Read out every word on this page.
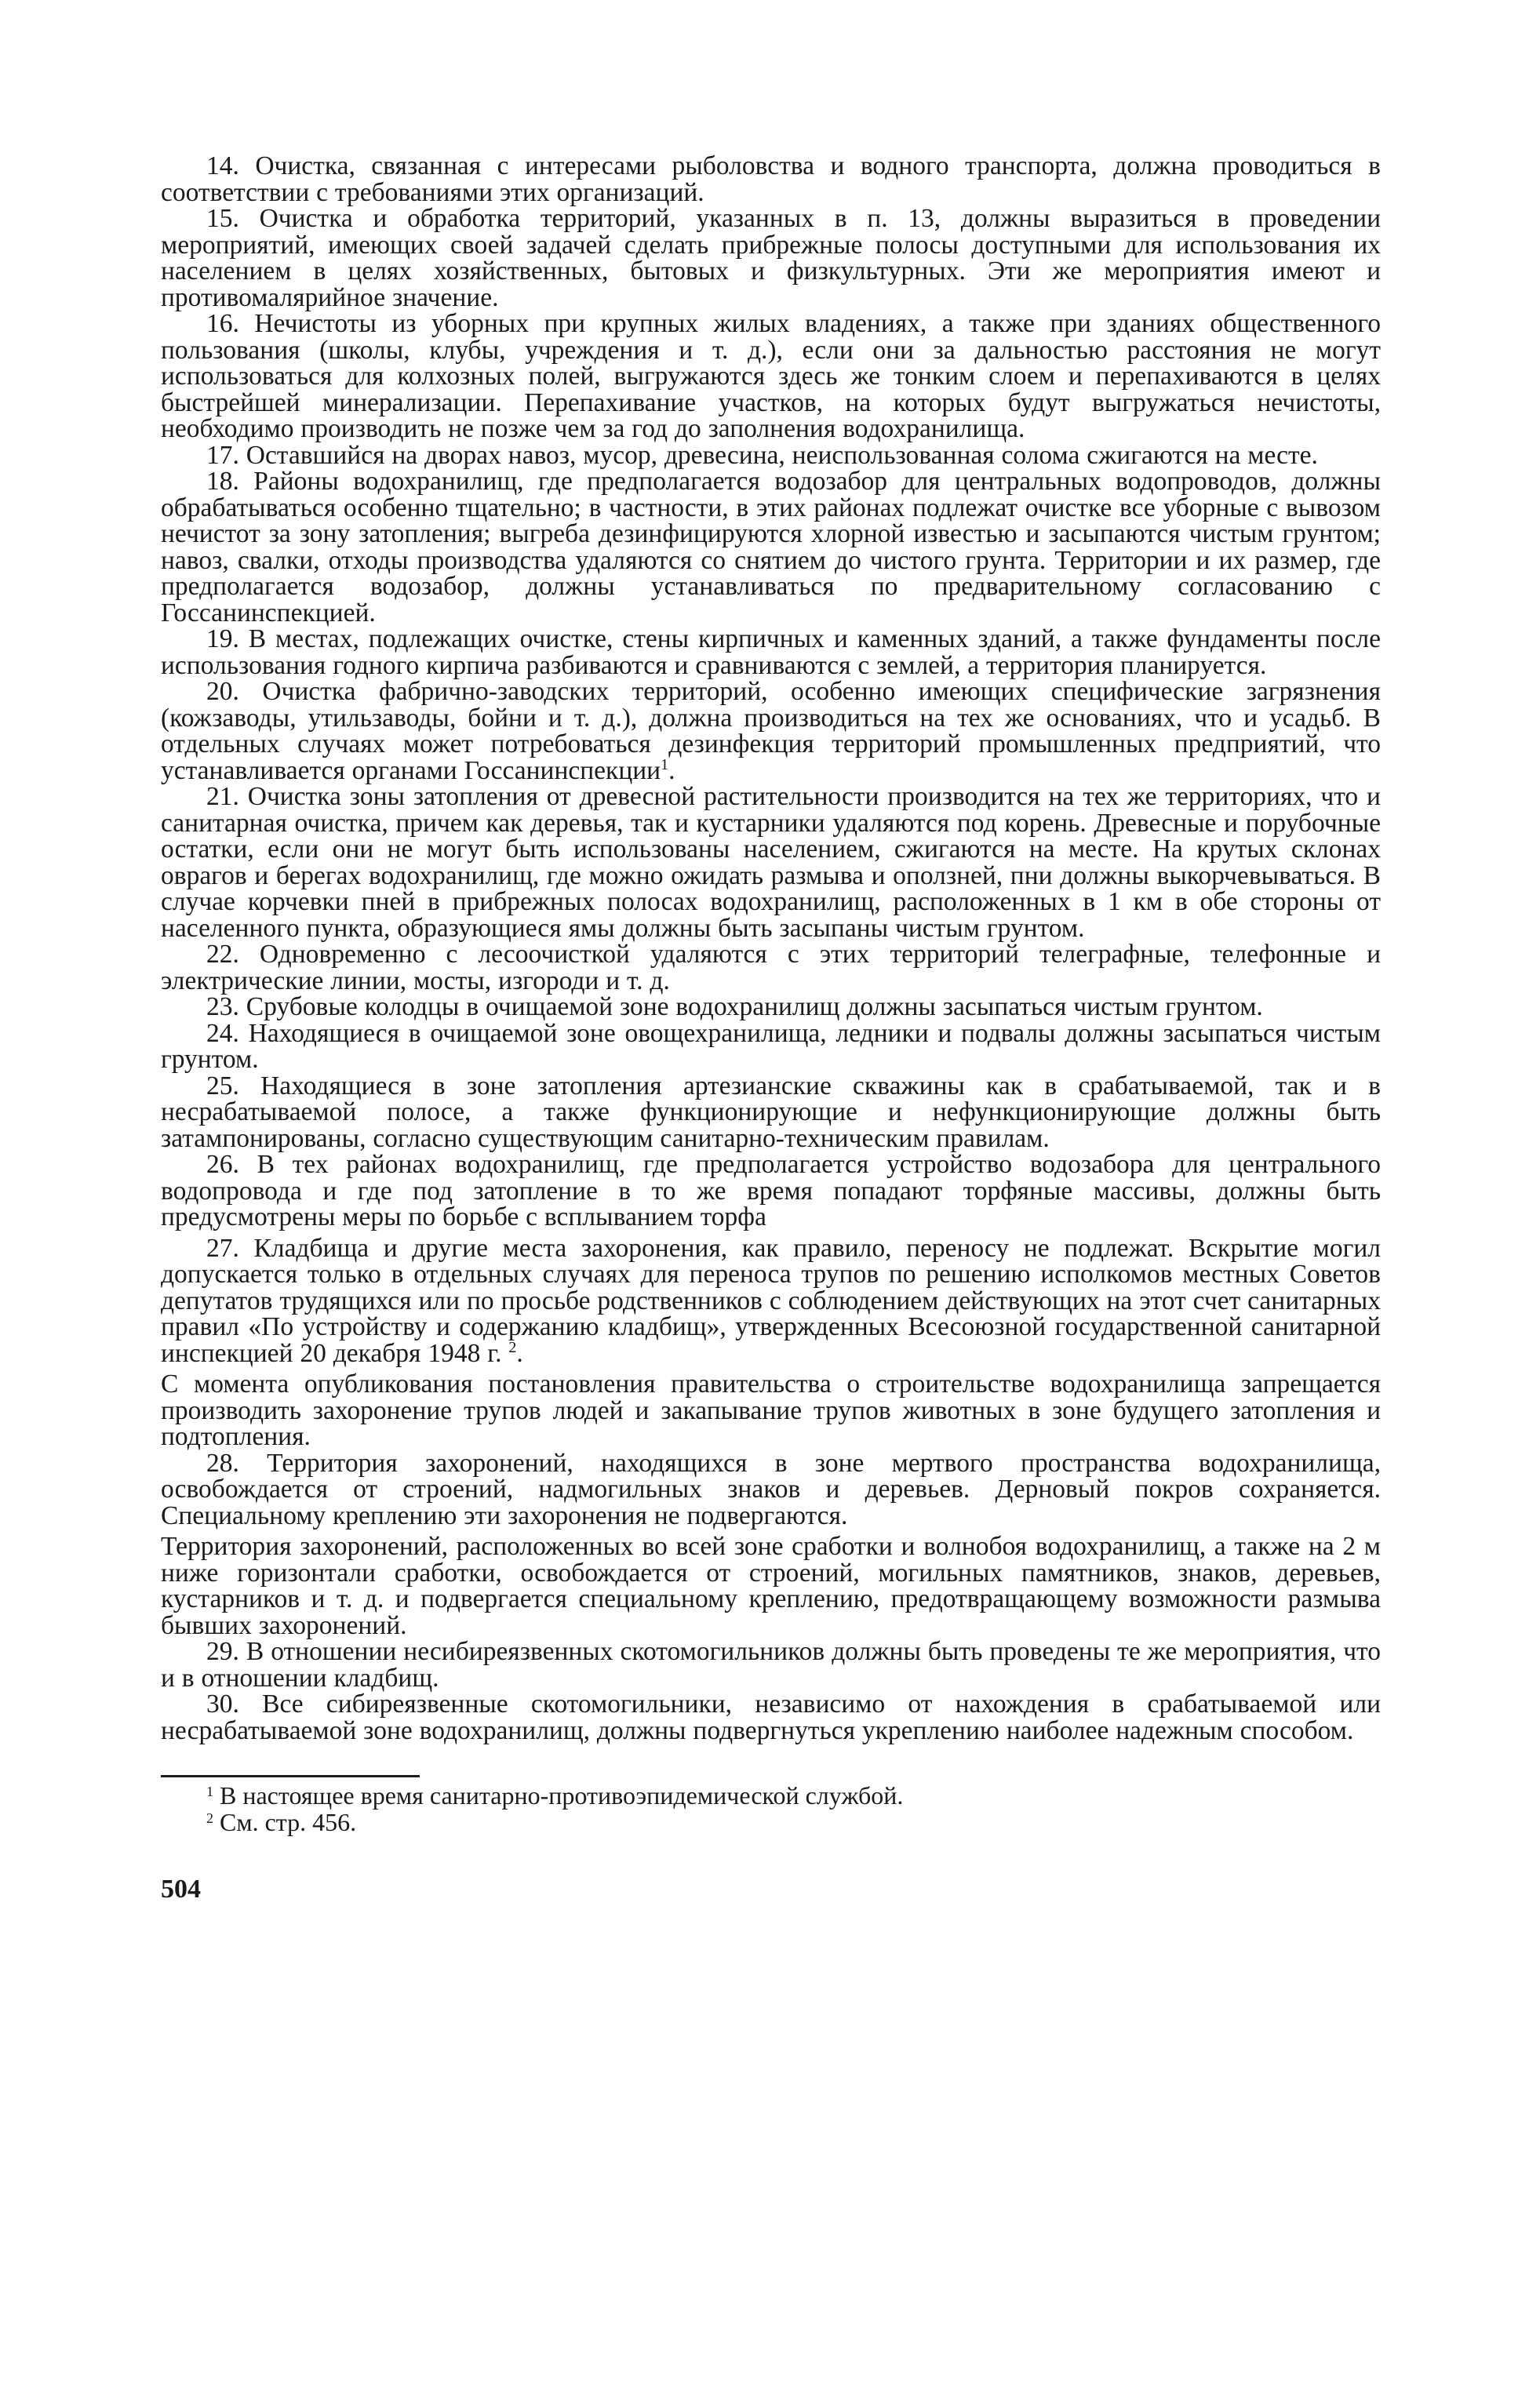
14. Очистка, связанная с интересами рыболовства и водного транспорта, должна проводиться в соответствии с требованиями этих организаций.

15. Очистка и обработка территорий, указанных в п. 13, должны выразиться в проведении мероприятий, имеющих своей задачей сделать прибрежные полосы доступными для использования их населением в целях хозяйственных, бытовых и физкультурных. Эти же мероприятия имеют и противомалярийное значение.

16. Нечистоты из уборных при крупных жилых владениях, а также при зданиях общественного пользования (школы, клубы, учреждения и т. д.), если они за дальностью расстояния не могут использоваться для колхозных полей, выгружаются здесь же тонким слоем и перепахиваются в целях быстрейшей минерализации. Перепахивание участков, на которых будут выгружаться нечистоты, необходимо производить не позже чем за год до заполнения водохранилища.

17. Оставшийся на дворах навоз, мусор, древесина, неиспользованная солома сжигаются на месте.

18. Районы водохранилищ, где предполагается водозабор для центральных водопроводов, должны обрабатываться особенно тщательно; в частности, в этих районах подлежат очистке все уборные с вывозом нечистот за зону затопления; выгреба дезинфицируются хлорной известью и засыпаются чистым грунтом; навоз, свалки, отходы производства удаляются со снятием до чистого грунта. Территории и их размер, где предполагается водозабор, должны устанавливаться по предварительному согласованию с Госсанинспекцией.

19. В местах, подлежащих очистке, стены кирпичных и каменных зданий, а также фундаменты после использования годного кирпича разбиваются и сравниваются с землей, а территория планируется.

20. Очистка фабрично-заводских территорий, особенно имеющих специфические загрязнения (кожзаводы, утильзаводы, бойни и т. д.), должна производиться на тех же основаниях, что и усадьб. В отдельных случаях может потребоваться дезинфекция территорий промышленных предприятий, что устанавливается органами Госсанинспекции$^1$.

21. Очистка зоны затопления от древесной растительности производится на тех же территориях, что и санитарная очистка, причем как деревья, так и кустарники удаляются под корень. Древесные и порубочные остатки, если они не могут быть использованы населением, сжигаются на месте. На крутых склонах оврагов и берегах водохранилищ, где можно ожидать размыва и оползней, пни должны выкорчевываться. В случае корчевки пней в прибрежных полосах водохранилищ, расположенных в 1 км в обе стороны от населенного пункта, образующиеся ямы должны быть засыпаны чистым грунтом.

22. Одновременно с лесоочисткой удаляются с этих территорий телеграфные, телефонные и электрические линии, мосты, изгороди и т. д.

23. Срубовые колодцы в очищаемой зоне водохранилищ должны засыпаться чистым грунтом.

24. Находящиеся в очищаемой зоне овощехранилища, ледники и подвалы должны засыпаться чистым грунтом.

25. Находящиеся в зоне затопления артезианские скважины как в срабатываемой, так и в несрабатываемой полосе, а также функционирующие и нефункционирующие должны быть затампонированы, согласно существующим санитарно-техническим правилам.

26. В тех районах водохранилищ, где предполагается устройство водозабора для центрального водопровода и где под затопление в то же время попадают торфяные массивы, должны быть предусмотрены меры по борьбе с всплыванием торфа

27. Кладбища и другие места захоронения, как правило, переносу не подлежат. Вскрытие могил допускается только в отдельных случаях для переноса трупов по решению исполкомов местных Советов депутатов трудящихся или по просьбе родственников с соблюдением действующих на этот счет санитарных правил «По устройству и содержанию кладбищ», утвержденных Всесоюзной государственной санитарной инспекцией 20 декабря 1948 г. $^2$.

С момента опубликования постановления правительства о строительстве водохранилища запрещается производить захоронение трупов людей и закапывание трупов животных в зоне будущего затопления и подтопления.

28. Территория захоронений, находящихся в зоне мертвого пространства водохранилища, освобождается от строений, надмогильных знаков и деревьев. Дерновый покров сохраняется. Специальному креплению эти захоронения не подвергаются.

Территория захоронений, расположенных во всей зоне сработки и волнобоя водохранилищ, а также на 2 м ниже горизонтали сработки, освобождается от строений, могильных памятников, знаков, деревьев, кустарников и т. д. и подвергается специальному креплению, предотвращающему возможности размыва бывших захоронений.

29. В отношении несибиреязвенных скотомогильников должны быть проведены те же мероприятия, что и в отношении кладбищ.

30. Все сибиреязвенные скотомогильники, независимо от нахождения в срабатываемой или несрабатываемой зоне водохранилищ, должны подвергнуться укреплению наиболее надежным способом.

$^1$ В настоящее время санитарно-противоэпидемической службой.

$^2$ См. стр. 456.

504
